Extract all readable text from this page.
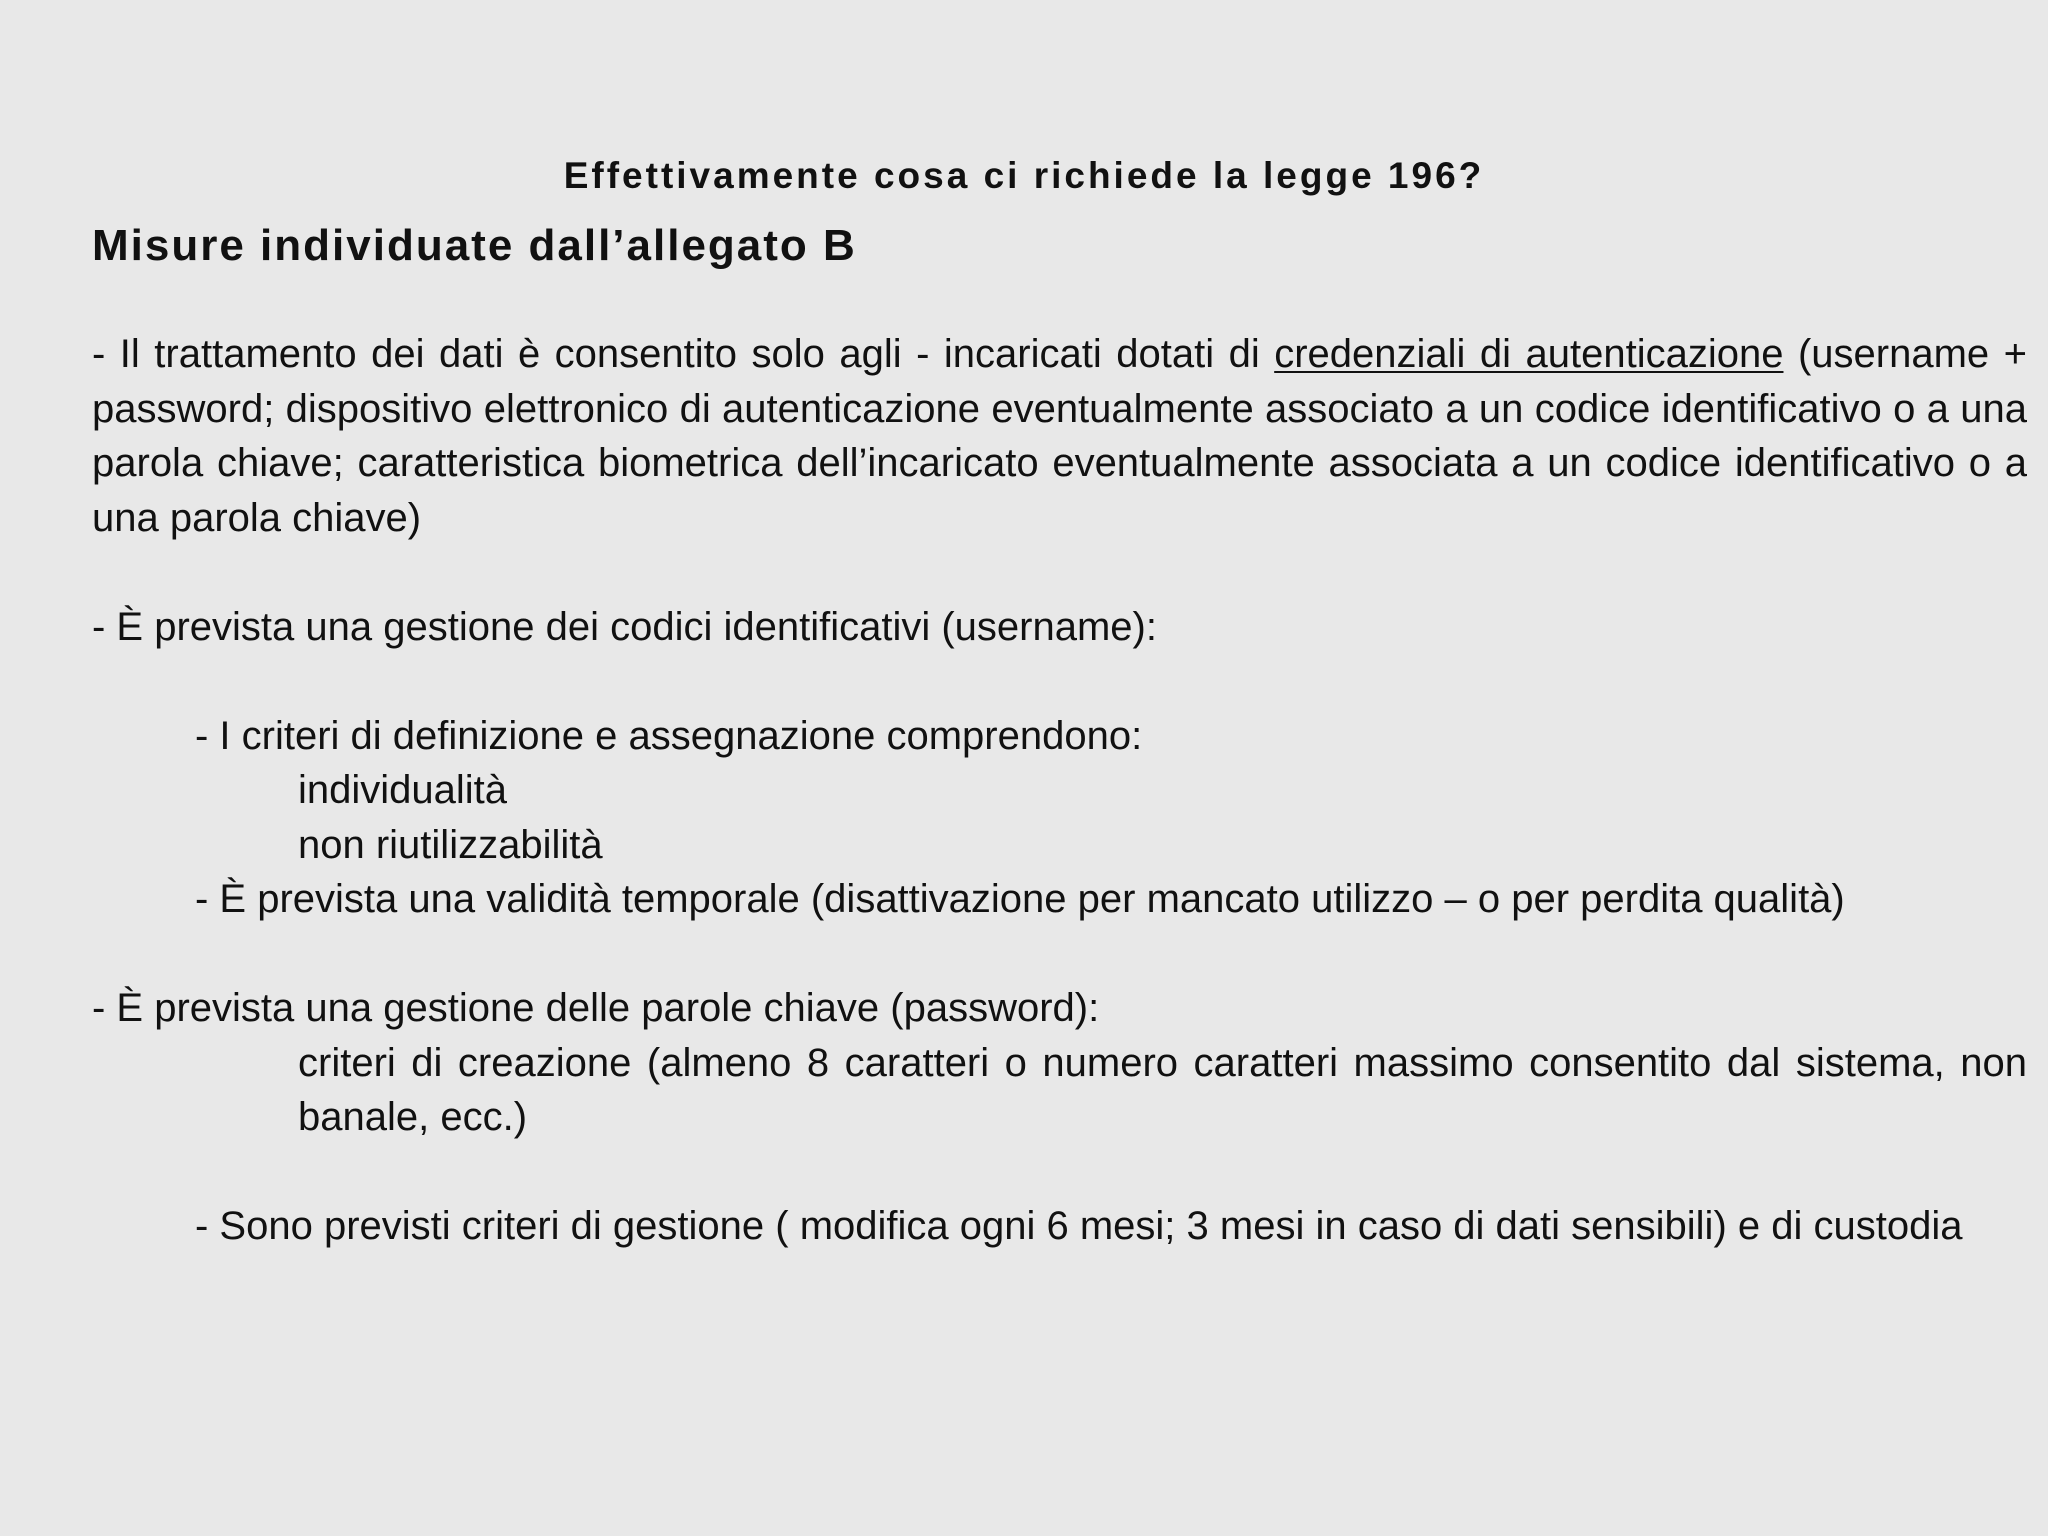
Effettivamente cosa ci richiede la legge 196?
Misure individuate dall’allegato B

- Il trattamento dei dati è consentito solo agli - incaricati dotati di credenziali di autenticazione (username + password; dispositivo elettronico di autenticazione eventualmente associato a un codice identificativo o a una parola chiave; caratteristica biometrica dell’incaricato eventualmente associata a un codice identificativo o a una parola chiave)

- È prevista una gestione dei codici identificativi (username):

- I criteri di definizione e assegnazione comprendono:

individualità

non riutilizzabilità

- È prevista una validità temporale (disattivazione per mancato utilizzo – o per perdita qualità)

- È prevista una gestione delle parole chiave (password):

criteri di creazione (almeno 8 caratteri o numero caratteri massimo consentito dal sistema, non banale, ecc.)

- Sono previsti criteri di gestione ( modifica ogni 6 mesi; 3 mesi in caso di dati sensibili) e di custodia
